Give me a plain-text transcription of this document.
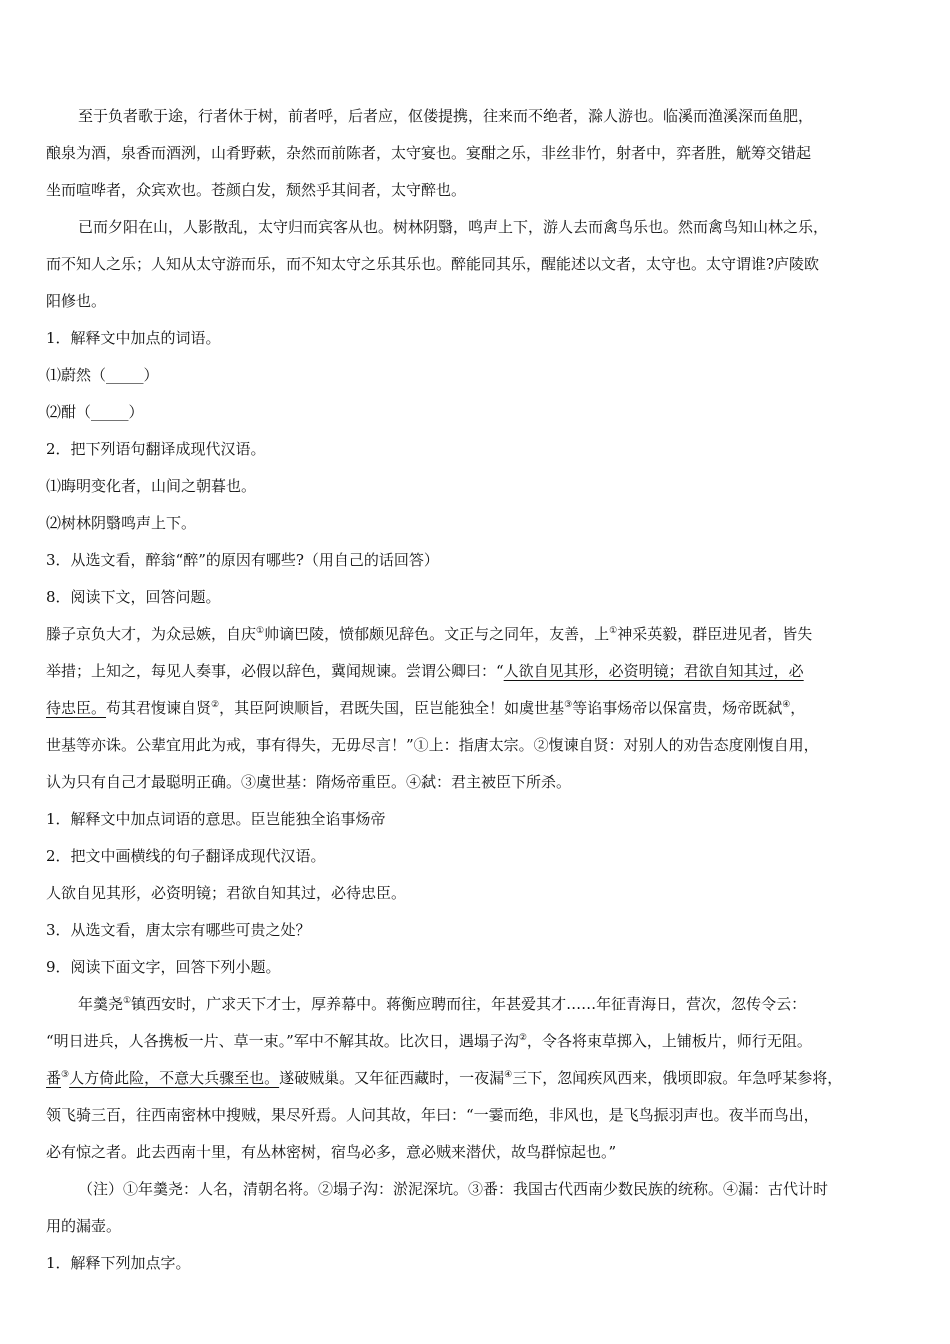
至于负者歌于途，行者休于树，前者呼，后者应，伛偻提携，往来而不绝者，滁人游也。临溪而渔溪深而鱼肥，
酿泉为酒，泉香而酒洌，山肴野蔌，杂然而前陈者，太守宴也。宴酣之乐，非丝非竹，射者中，弈者胜，觥筹交错起
坐而喧哗者，众宾欢也。苍颜白发，颓然乎其间者，太守醉也。
已而夕阳在山，人影散乱，太守归而宾客从也。树林阴翳，鸣声上下，游人去而禽鸟乐也。然而禽鸟知山林之乐，
而不知人之乐；人知从太守游而乐，而不知太守之乐其乐也。醉能同其乐，醒能述以文者，太守也。太守谓谁?庐陵欧
阳修也。
1．解释文中加点的词语。
⑴蔚然（_____）
⑵酣（_____）
2．把下列语句翻译成现代汉语。
⑴晦明变化者，山间之朝暮也。
⑵树林阴翳鸣声上下。
3．从选文看，醉翁“醉”的原因有哪些?（用自己的话回答）
8．阅读下文，回答问题。
滕子京负大才，为众忌嫉，自庆①帅谪巴陵，愤郁颇见辞色。文正与之同年，友善，上①神采英毅，群臣进见者，皆失
举措；上知之，每见人奏事，必假以辞色，冀闻规谏。尝谓公卿曰：“人欲自见其形，必资明镜；君欲自知其过，必
待忠臣。苟其君愎谏自贤②，其臣阿谀顺旨，君既失国，臣岂能独全！如虞世基③等谄事炀帝以保富贵，炀帝既弑④，
世基等亦诛。公辈宜用此为戒，事有得失，无毋尽言！”①上：指唐太宗。②愎谏自贤：对别人的劝告态度刚愎自用，
认为只有自己才最聪明正确。③虞世基：隋炀帝重臣。④弑：君主被臣下所杀。
1．解释文中加点词语的意思。臣岂能独全谄事炀帝
2．把文中画横线的句子翻译成现代汉语。
人欲自见其形，必资明镜；君欲自知其过，必待忠臣。
3．从选文看，唐太宗有哪些可贵之处？
9．阅读下面文字，回答下列小题。
年羹尧①镇西安时，广求天下才士，厚养幕中。蒋衡应聘而往，年甚爱其才……年征青海日，营次，忽传令云：
“明日进兵，人各携板一片、草一束。”军中不解其故。比次日，遇塌子沟②，令各将束草掷入，上铺板片，师行无阻。
番③人方倚此险，不意大兵骤至也。遂破贼巢。又年征西藏时，一夜漏④三下，忽闻疾风西来，俄顷即寂。年急呼某参将，
领飞骑三百，往西南密林中搜贼，果尽歼焉。人问其故，年曰：“一霎而绝，非风也，是飞鸟振羽声也。夜半而鸟出，
必有惊之者。此去西南十里，有丛林密树，宿鸟必多，意必贼来潜伏，故鸟群惊起也。”
（注）①年羹尧：人名，清朝名将。②塌子沟：淤泥深坑。③番：我国古代西南少数民族的统称。④漏：古代计时
用的漏壶。
1．解释下列加点字。
